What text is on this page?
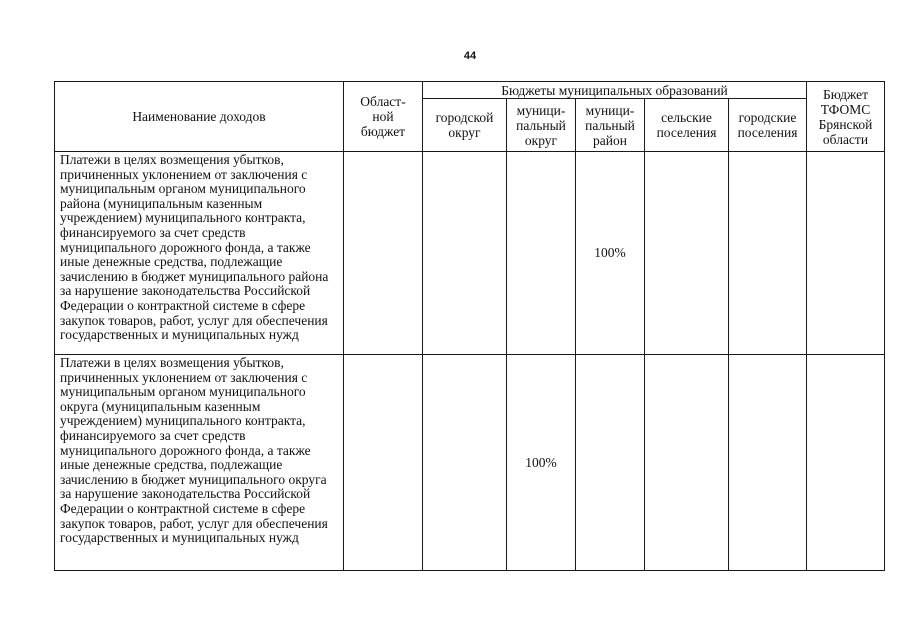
44
Наименование доходов	Област-
ной
бюджет	Бюджеты муниципальных образований					Бюджет
ТФОМС
Брянской
области
		городской
округ	муници-
пальный
округ	муници-
пальный
район	сельские
поселения	городские
поселения	
Платежи в целях возмещения убытков, причиненных уклонением от заключения с муниципальным органом муниципального района (муниципальным казенным учреждением) муниципального контракта, финансируемого за счет средств муниципального дорожного фонда, а также иные денежные средства, подлежащие зачислению в бюджет муниципального района за нарушение законодательства Российской Федерации о контрактной системе в сфере закупок товаров, работ, услуг для обеспечения государственных и муниципальных нужд				100%			
Платежи в целях возмещения убытков, причиненных уклонением от заключения с муниципальным органом муниципального округа (муниципальным казенным учреждением) муниципального контракта, финансируемого за счет средств муниципального дорожного фонда, а также иные денежные средства, подлежащие зачислению в бюджет муниципального округа за нарушение законодательства Российской Федерации о контрактной системе в сфере закупок товаров, работ, услуг для обеспечения государственных и муниципальных нужд			100%				
